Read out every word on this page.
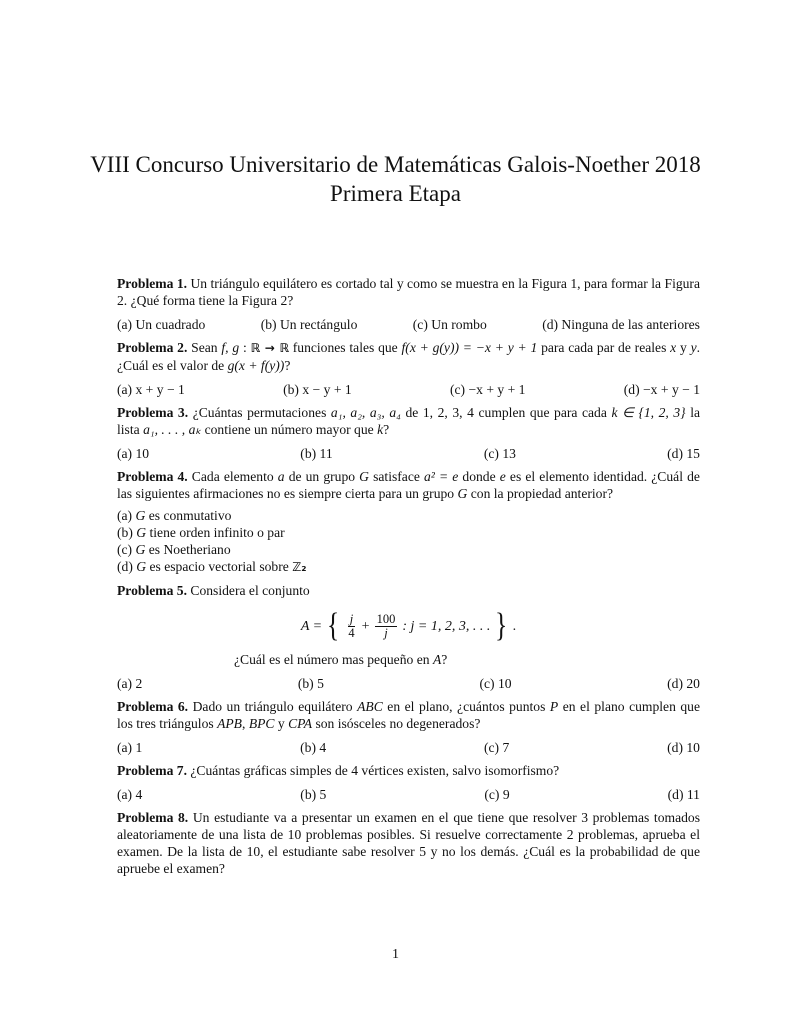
VIII Concurso Universitario de Matemáticas Galois-Noether 2018
Primera Etapa

Problema 1. Un triángulo equilátero es cortado tal y como se muestra en la Figura 1, para formar la Figura 2. ¿Qué forma tiene la Figura 2?

(a) Un cuadrado	(b) Un rectángulo	(c) Un rombo	(d) Ninguna de las anteriores

Problema 2. Sean f, g : ℝ → ℝ funciones tales que f(x + g(y)) = −x + y + 1 para cada par de reales x y y. ¿Cuál es el valor de g(x + f(y))?

(a) x + y − 1	(b) x − y + 1	(c) −x + y + 1	(d) −x + y − 1

Problema 3. ¿Cuántas permutaciones a₁, a₂, a₃, a₄ de 1, 2, 3, 4 cumplen que para cada k ∈ {1, 2, 3} la lista a₁, . . . , aₖ contiene un número mayor que k?

(a) 10	(b) 11	(c) 13	(d) 15

Problema 4. Cada elemento a de un grupo G satisface a² = e donde e es el elemento identidad. ¿Cuál de las siguientes afirmaciones no es siempre cierta para un grupo G con la propiedad anterior?

(a) G es conmutativo
(b) G tiene orden infinito o par
(c) G es Noetheriano
(d) G es espacio vectorial sobre ℤ₂

Problema 5. Considera el conjunto

A = { $\frac{j}{4} + \frac{100}{j}$ : j = 1, 2, 3, . . . } .

¿Cuál es el número mas pequeño en A?

(a) 2	(b) 5	(c) 10	(d) 20

Problema 6. Dado un triángulo equilátero ABC en el plano, ¿cuántos puntos P en el plano cumplen que los tres triángulos APB, BPC y CPA son isósceles no degenerados?

(a) 1	(b) 4	(c) 7	(d) 10

Problema 7. ¿Cuántas gráficas simples de 4 vértices existen, salvo isomorfismo?

(a) 4	(b) 5	(c) 9	(d) 11

Problema 8. Un estudiante va a presentar un examen en el que tiene que resolver 3 problemas tomados aleatoriamente de una lista de 10 problemas posibles. Si resuelve correctamente 2 problemas, aprueba el examen. De la lista de 10, el estudiante sabe resolver 5 y no los demás. ¿Cuál es la probabilidad de que apruebe el examen?

1
